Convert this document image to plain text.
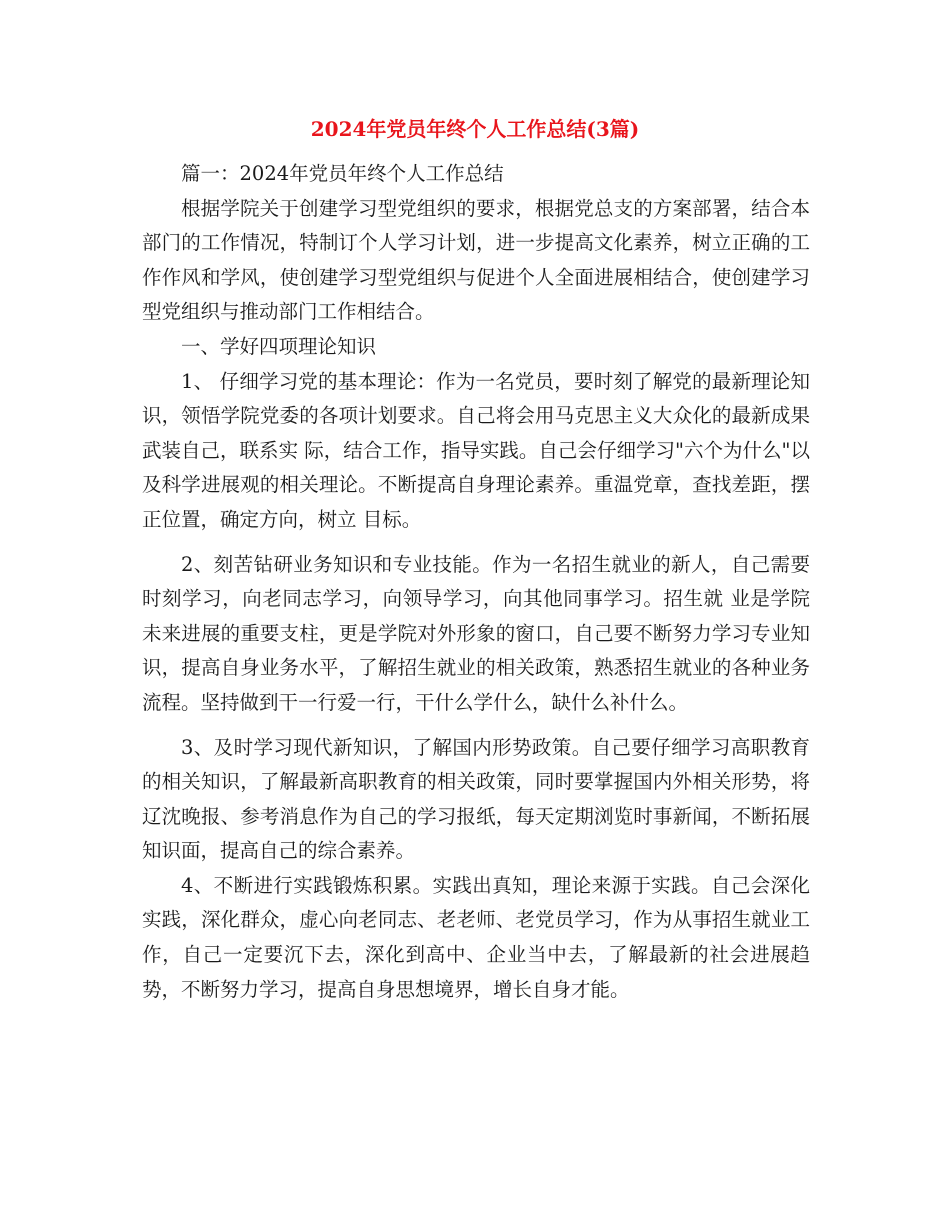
2024年党员年终个人工作总结(3篇)

篇一：2024年党员年终个人工作总结

根据学院关于创建学习型党组织的要求，根据党总支的方案部署，结合本部门的工作情况，特制订个人学习计划，进一步提高文化素养，树立正确的工作作风和学风，使创建学习型党组织与促进个人全面进展相结合，使创建学习型党组织与推动部门工作相结合。

一、学好四项理论知识

1、 仔细学习党的基本理论：作为一名党员，要时刻了解党的最新理论知识，领悟学院党委的各项计划要求。自己将会用马克思主义大众化的最新成果武装自己，联系实 际，结合工作，指导实践。自己会仔细学习"六个为什么"以及科学进展观的相关理论。不断提高自身理论素养。重温党章，查找差距，摆正位置，确定方向，树立 目标。

2、刻苦钻研业务知识和专业技能。作为一名招生就业的新人，自己需要时刻学习，向老同志学习，向领导学习，向其他同事学习。招生就 业是学院未来进展的重要支柱，更是学院对外形象的窗口，自己要不断努力学习专业知识，提高自身业务水平，了解招生就业的相关政策，熟悉招生就业的各种业务 流程。坚持做到干一行爱一行，干什么学什么，缺什么补什么。

3、及时学习现代新知识，了解国内形势政策。自己要仔细学习高职教育的相关知识，了解最新高职教育的相关政策，同时要掌握国内外相关形势，将辽沈晚报、参考消息作为自己的学习报纸，每天定期浏览时事新闻，不断拓展知识面，提高自己的综合素养。

4、不断进行实践锻炼积累。实践出真知，理论来源于实践。自己会深化实践，深化群众，虚心向老同志、老老师、老党员学习，作为从事招生就业工作，自己一定要沉下去，深化到高中、企业当中去，了解最新的社会进展趋势，不断努力学习，提高自身思想境界，增长自身才能。
